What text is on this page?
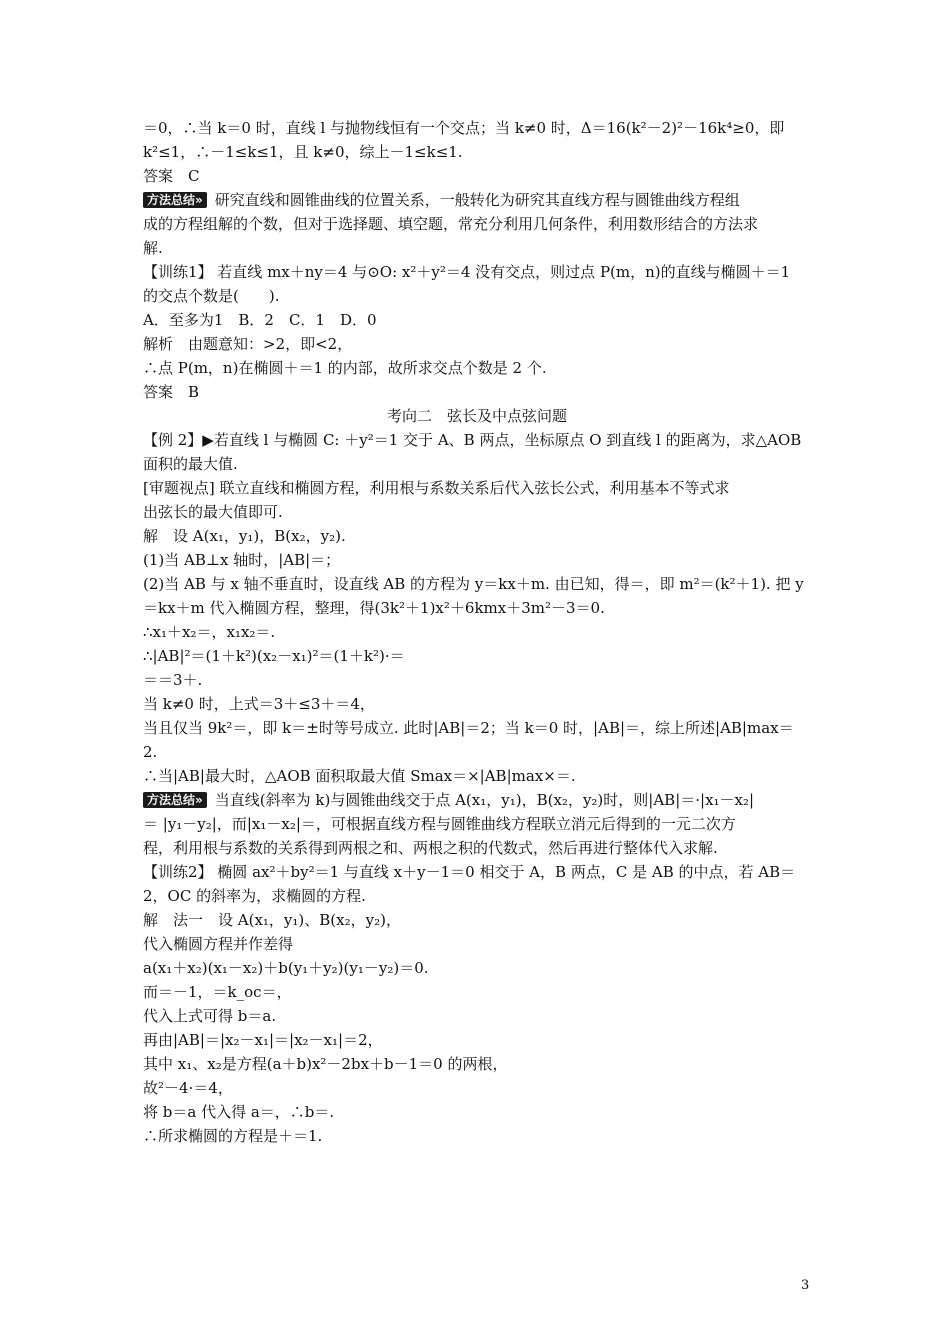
＝0，∴当 k＝0 时，直线 l 与抛物线恒有一个交点；当 k≠0 时，Δ＝16(k²－2)²－16k⁴≥0，即
k²≤1，∴－1≤k≤1，且 k≠0，综上－1≤k≤1.
答案　C
方法总结» 研究直线和圆锥曲线的位置关系，一般转化为研究其直线方程与圆锥曲线方程组
成的方程组解的个数，但对于选择题、填空题，常充分利用几何条件，利用数形结合的方法求
解.
【训练1】 若直线 mx＋ny＝4 与⊙O: x²＋y²＝4 没有交点，则过点 P(m，n)的直线与椭圆＋＝1
的交点个数是(　　).
A．至多为1　B．2　C．1　D．0
解析　由题意知：>2，即<2，
∴点 P(m，n)在椭圆＋＝1 的内部，故所求交点个数是 2 个.
答案　B
考向二　弦长及中点弦问题
【例 2】▶若直线 l 与椭圆 C: ＋y²＝1 交于 A、B 两点，坐标原点 O 到直线 l 的距离为，求△AOB
面积的最大值.
[审题视点] 联立直线和椭圆方程，利用根与系数关系后代入弦长公式，利用基本不等式求
出弦长的最大值即可.
解　设 A(x₁，y₁)，B(x₂，y₂).
(1)当 AB⊥x 轴时，|AB|＝；
(2)当 AB 与 x 轴不垂直时，设直线 AB 的方程为 y＝kx＋m. 由已知，得＝，即 m²＝(k²＋1). 把 y
＝kx＋m 代入椭圆方程，整理，得(3k²＋1)x²＋6kmx＋3m²－3＝0.
∴x₁＋x₂＝，x₁x₂＝.
∴|AB|²＝(1＋k²)(x₂－x₁)²＝(1＋k²)·＝
＝＝3＋.
当 k≠0 时，上式＝3＋≤3＋＝4，
当且仅当 9k²＝，即 k＝±时等号成立. 此时|AB|＝2；当 k＝0 时，|AB|＝，综上所述|AB|max＝
2.
∴当|AB|最大时，△AOB 面积取最大值 Smax＝×|AB|max×＝.
方法总结» 当直线(斜率为 k)与圆锥曲线交于点 A(x₁，y₁)，B(x₂，y₂)时，则|AB|＝·|x₁－x₂|
＝ |y₁－y₂|，而|x₁－x₂|＝，可根据直线方程与圆锥曲线方程联立消元后得到的一元二次方
程，利用根与系数的关系得到两根之和、两根之积的代数式，然后再进行整体代入求解.
【训练2】 椭圆 ax²＋by²＝1 与直线 x＋y－1＝0 相交于 A，B 两点，C 是 AB 的中点，若 AB＝
2，OC 的斜率为，求椭圆的方程.
解　法一　设 A(x₁，y₁)、B(x₂，y₂)，
代入椭圆方程并作差得
a(x₁＋x₂)(x₁－x₂)＋b(y₁＋y₂)(y₁－y₂)＝0.
而＝－1，＝k_oc＝，
代入上式可得 b＝a.
再由|AB|＝|x₂－x₁|＝|x₂－x₁|＝2，
其中 x₁、x₂是方程(a＋b)x²－2bx＋b－1＝0 的两根，
故²－4·＝4，
将 b＝a 代入得 a＝，∴b＝.
∴所求椭圆的方程是＋＝1.
3
